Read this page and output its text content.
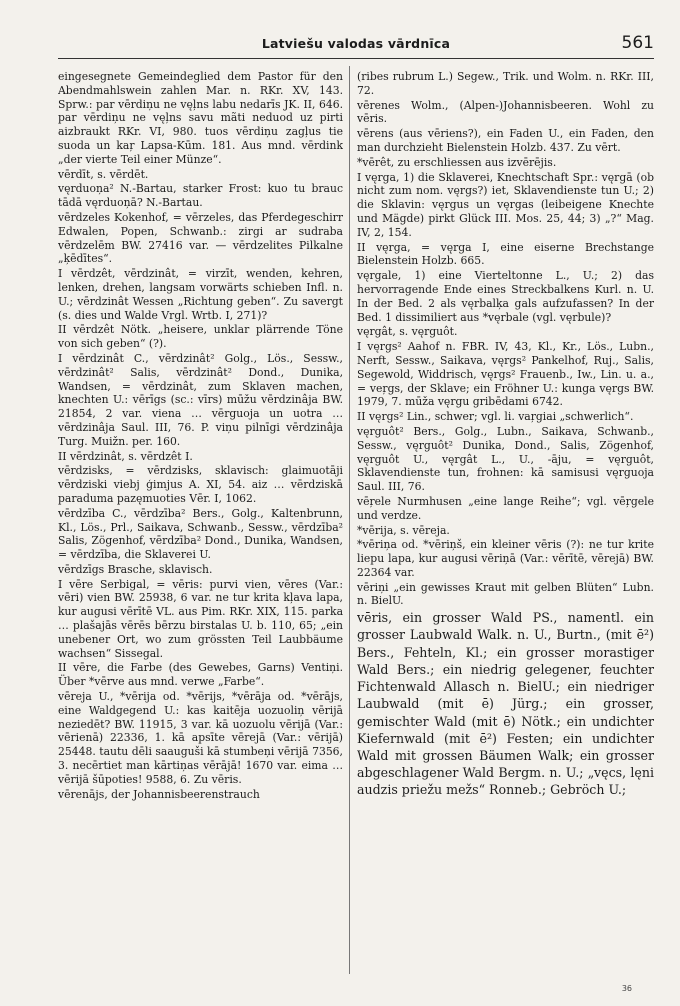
Latviešu valodas vārdnīca	561

eingesegnete Gemeindeglied dem Pastor für den Abendmahlswein zahlen Mar. n. RKr. XV, 143. Sprw.: par vērdiņu ne vęļns labu nedarīs JK. II, 646. par vērdiņu ne vęļns savu mãti neduod uz pirti aizbraukt RKr. VI, 980. tuos vērdiņu zagļus tie suoda un kaŗ Lapsa-Kūm. 181. Aus mnd. vērdink „der vierte Teil einer Münze“.

vērdīt, s. vērdēt.

vęrduoņa² N.-Bartau, starker Frost: kuo tu brauc tādā vęrduoņā? N.-Bartau.

vērdzeles Kokenhof, = vērzeles, das Pferdegeschirr Edwalen, Popen, Schwanb.: zirgi ar sudraba vērdzelēm BW. 27416 var. — vērdzelites Pilkalne „ķēdītes“.

I vērdzêt, vērdzinât, = virzīt, wenden, kehren, lenken, drehen, langsam vorwärts schieben Infl. n. U.; vērdzinât Wessen „Richtung geben“. Zu savergt (s. dies und Walde Vrgl. Wrtb. I, 271)?

II vērdzêt Nötk. „heisere, unklar plärrende Töne von sich geben“ (?).

I vērdzinât C., vērdzinât² Golg., Lös., Sessw., vērdzinât² Salis, vērdzinât² Dond., Dunika, Wandsen, = vērdzinât, zum Sklaven machen, knechten U.: vērīgs (sc.: vīrs) mūžu vērdzinâja BW. 21854, 2 var. viena … vērguoja un uotra … vērdzinâja Saul. III, 76. P. viņu pilnīgi vērdzinâja Turg. Muižn. per. 160.

II vērdzinât, s. vērdzêt I.

vērdzisks, = vērdzisks, sklavisch: glaimuotāji vērdziski viebj ģimjus A. XI, 54. aiz … vērdziskā paraduma pazęmuoties Vēr. I, 1062.

vērdzība C., vērdzība² Bers., Golg., Kaltenbrunn, Kl., Lös., Prl., Saikava, Schwanb., Sessw., vērdzība² Salis, Zögenhof, vērdzība² Dond., Dunika, Wandsen, = vērdzība, die Sklaverei U.

vērdzīgs Brasche, sklavisch.

I vēre Serbigal, = vēris: purvi vien, vēres (Var.: vēri) vien BW. 25938, 6 var. ne tur krita kļava lapa, kur augusi vērītē VL. aus Pim. RKr. XIX, 115. parka … plašajās vērēs bērzu birstalas U. b. 110, 65; „ein unebener Ort, wo zum grössten Teil Laubbäume wachsen“ Sissegal.

II vēre, die Farbe (des Gewebes, Garns) Ventiņi. Über *vērve aus mnd. verwe „Farbe“.

vēreja U., *vērija od. *vērijs, *vērāja od. *vērājs, eine Waldgegend U.: kas kaitēja uozuoliņ vērijā neziedēt? BW. 11915, 3 var. kā uozuolu vērijā (Var.: vērienā) 22336, 1. kā apsīte vērejā (Var.: vērijā) 25448. tautu dēli saauguši kā stumbeņi vērijā 7356, 3. necērtiet man kārtiņas vērājā! 1670 var. eima … vērijā šūpoties! 9588, 6. Zu vēris.

vērenājs, der Johannisbeerenstrauch

(ribes rubrum L.) Segew., Trik. und Wolm. n. RKr. III, 72.

vērenes Wolm., (Alpen-)Johannisbeeren. Wohl zu vēris.

vērens (aus vēriens?), ein Faden U., ein Faden, den man durchzieht Bielenstein Holzb. 437. Zu vērt.

*vērêt, zu erschliessen aus izvērējis.

I vęrga, 1) die Sklaverei, Knechtschaft Spr.: vęrgā (ob nicht zum nom. vęrgs?) iet, Sklavendienste tun U.; 2) die Sklavin: vęrgus un vęrgas (leibeigene Knechte und Mägde) pirkt Glück III. Mos. 25, 44; 3) „?“ Mag. IV, 2, 154.

II vęrga, = vęrga I, eine eiserne Brechstange Bielenstein Holzb. 665.

vęrgale, 1) eine Vierteltonne L., U.; 2) das hervorragende Ende eines Streckbalkens Kurl. n. U. In der Bed. 2 als vęrbalķa gals aufzufassen? In der Bed. 1 dissimiliert aus *vęrbale (vgl. vęrbule)?

vęrgât, s. vęrguôt.

I vęrgs² Aahof n. FBR. IV, 43, Kl., Kr., Lös., Lubn., Nerft, Sessw., Saikava, vęrgs² Pankelhof, Ruj., Salis, Segewold, Widdrisch, vęrgs² Frauenb., Iw., Lin. u. a., = veŗgs, der Sklave; ein Fröhner U.: kunga vęrgs BW. 1979, 7. mūža vęrgu gribēdami 6742.

II vęrgs² Lin., schwer; vgl. li. vaŗgiai „schwerlich“.

vęrguôt² Bers., Golg., Lubn., Saikava, Schwanb., Sessw., vęrguôt² Dunika, Dond., Salis, Zögenhof, vęrguôt U., vęrgât L., U., -āju, = vęrguôt, Sklavendienste tun, frohnen: kā samisusi vęrguoja Saul. III, 76.

vēŗele Nurmhusen „eine lange Reihe“; vgl. vēŗgele und verdze.

*vērija, s. vēreja.

*vēriņa od. *vēriņš, ein kleiner vēris (?): ne tur krite liepu lapa, kur augusi vēriņā (Var.: vērītē, vērejā) BW. 22364 var.

vēriņi „ein gewisses Kraut mit gelben Blüten“ Lubn. n. BielU.

vēris, ein grosser Wald PS., namentl. ein grosser Laubwald Walk. n. U., Burtn., (mit ē²) Bers., Fehteln, Kl.; ein grosser morastiger Wald Bers.; ein niedrig gelegener, feuchter Fichtenwald Allasch n. BielU.; ein niedriger Laubwald (mit ē) Jürg.; ein grosser, gemischter Wald (mit ē) Nötk.; ein undichter Kiefernwald (mit ē²) Festen; ein undichter Wald mit grossen Bäumen Walk; ein grosser abgeschlagener Wald Bergm. n. U.; „vęcs, lęni audzis priežu mežs“ Ronneb.; Gebröch U.;

36
